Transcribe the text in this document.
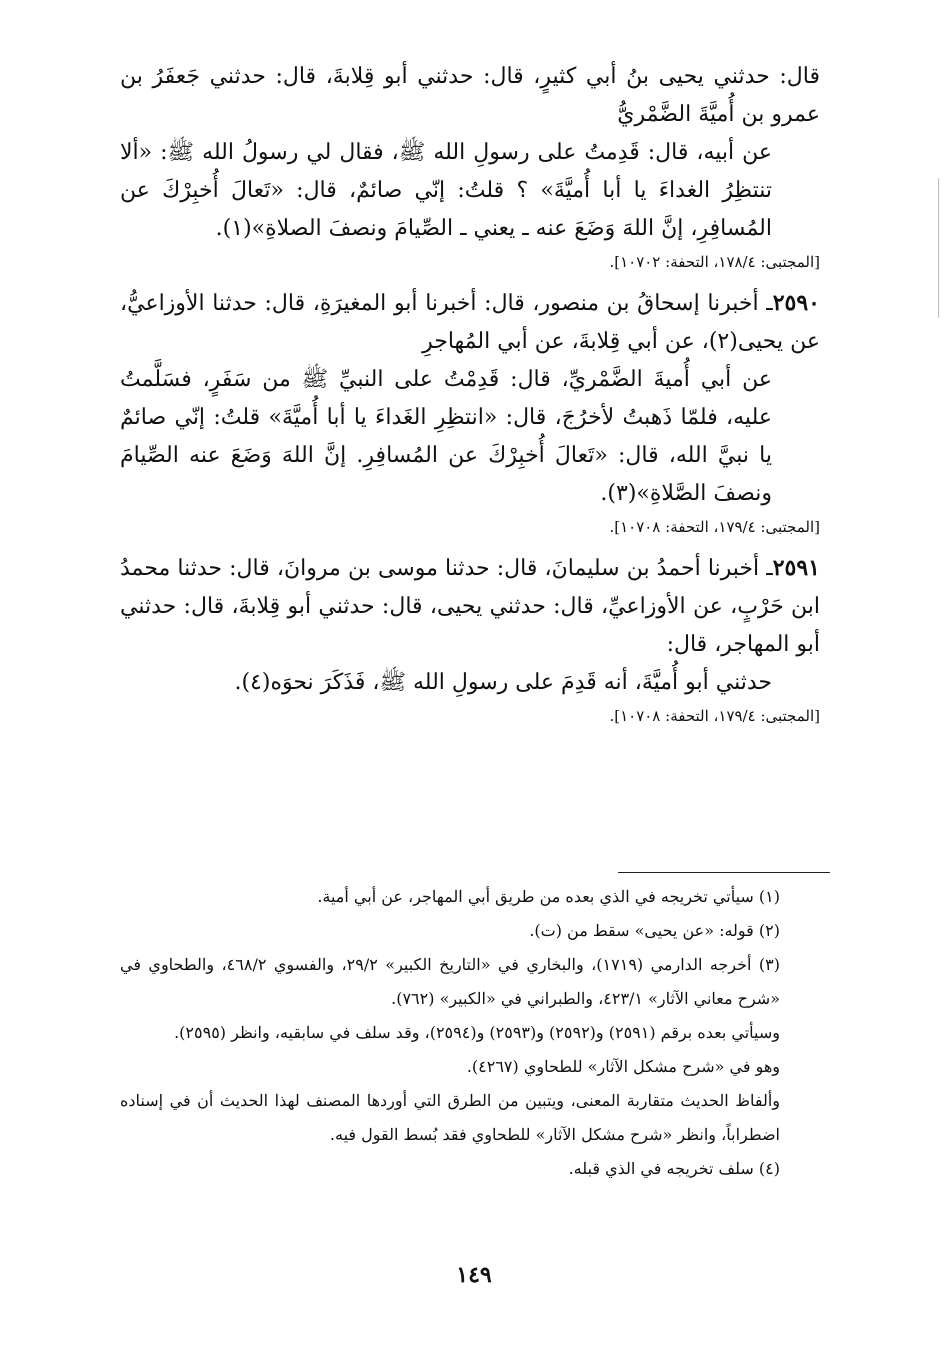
قال: حدثني يحيى بنُ أبي كثيرٍ، قال: حدثني أبو قِلابةَ، قال: حدثني جَعفَرُ بن عمرو بن أُميَّةَ الضَّمْريُّ

عن أبيه، قال: قَدِمتُ على رسولِ الله ﷺ، فقال لي رسولُ الله ﷺ: «ألا تنتظِرُ الغداءَ يا أبا أُميَّةَ» ؟ قلتُ: إنّي صائمٌ، قال: «تَعالَ أُخبِرْكَ عن المُسافِرِ، إنَّ اللهَ وَضَعَ عنه ـ يعني ـ الصِّيامَ ونصفَ الصلاةِ»(١).

[المجتبى: ١٧٨/٤، التحفة: ١٠٧٠٢].

٢٥٩٠ـ أخبرنا إسحاقُ بن منصور، قال: أخبرنا أبو المغيرَةِ، قال: حدثنا الأوزاعيُّ، عن يحيى(٢)، عن أبي قِلابةَ، عن أبي المُهاجرِ

عن أبي أُميةَ الضَّمْريِّ، قال: قَدِمْتُ على النبيِّ ﷺ من سَفَرٍ، فسَلَّمتُ عليه، فلمّا ذَهبتُ لأخرُجَ، قال: «انتظِرِ الغَداءَ يا أبا أُميَّةَ» قلتُ: إنّي صائمٌ يا نبيَّ الله، قال: «تَعالَ أُخبِرْكَ عن المُسافِرِ. إنَّ اللهَ وَضَعَ عنه الصِّيامَ ونصفَ الصَّلاةِ»(٣).

[المجتبى: ١٧٩/٤، التحفة: ١٠٧٠٨].

٢٥٩١ـ أخبرنا أحمدُ بن سليمانَ، قال: حدثنا موسى بن مروانَ، قال: حدثنا محمدُ ابن حَرْبٍ، عن الأوزاعيِّ، قال: حدثني يحيى، قال: حدثني أبو قِلابةَ، قال: حدثني أبو المهاجر، قال:

حدثني أبو أُميَّةَ، أنه قَدِمَ على رسولِ الله ﷺ، فَذَكَرَ نحوَه(٤).

[المجتبى: ١٧٩/٤، التحفة: ١٠٧٠٨].

(١) سيأتي تخريجه في الذي بعده من طريق أبي المهاجر، عن أبي أمية.

(٢) قوله: «عن يحيى» سقط من (ت).

(٣) أخرجه الدارمي (١٧١٩)، والبخاري في «التاريخ الكبير» ٢٩/٢، والفسوي ٤٦٨/٢، والطحاوي في «شرح معاني الآثار» ٤٢٣/١، والطبراني في «الكبير» (٧٦٢).

وسيأتي بعده برقم (٢٥٩١) و(٢٥٩٢) و(٢٥٩٣) و(٢٥٩٤)، وقد سلف في سابقيه، وانظر (٢٥٩٥).

وهو في «شرح مشكل الآثار» للطحاوي (٤٢٦٧).

وألفاظ الحديث متقاربة المعنى، ويتبين من الطرق التي أوردها المصنف لهذا الحديث أن في إسناده اضطراباً، وانظر «شرح مشكل الآثار» للطحاوي فقد بُسط القول فيه.

(٤) سلف تخريجه في الذي قبله.

١٤٩
